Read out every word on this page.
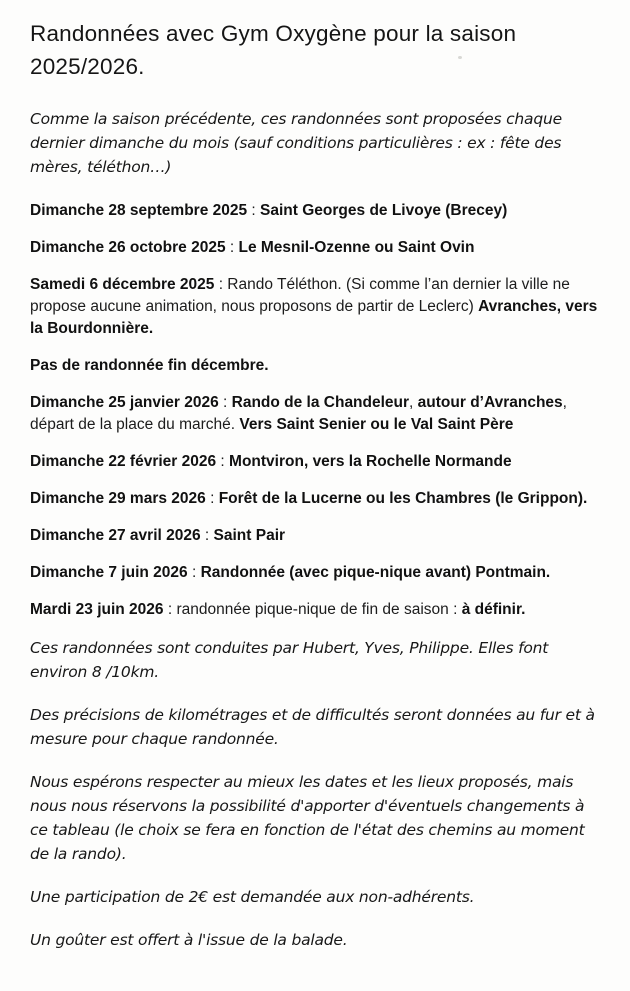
Randonnées avec Gym Oxygène pour la saison 2025/2026.

Comme la saison précédente, ces randonnées sont proposées chaque dernier dimanche du mois (sauf conditions particulières : ex : fête des mères, téléthon…)

Dimanche 28 septembre 2025 : Saint Georges de Livoye (Brecey)

Dimanche 26 octobre 2025 : Le Mesnil-Ozenne ou Saint Ovin

Samedi 6 décembre 2025 : Rando Téléthon. (Si comme l’an dernier la ville ne propose aucune animation, nous proposons de partir de Leclerc) Avranches, vers la Bourdonnière.

Pas de randonnée fin décembre.

Dimanche 25 janvier 2026 : Rando de la Chandeleur, autour d’Avranches, départ de la place du marché. Vers Saint Senier ou le Val Saint Père

Dimanche 22 février 2026 : Montviron, vers la Rochelle Normande

Dimanche 29 mars 2026 : Forêt de la Lucerne ou les Chambres (le Grippon).

Dimanche 27 avril 2026 : Saint Pair

Dimanche 7 juin 2026 : Randonnée (avec pique-nique avant) Pontmain.

Mardi 23 juin 2026 : randonnée pique-nique de fin de saison : à définir.

Ces randonnées sont conduites par Hubert, Yves, Philippe. Elles font environ 8 /10km.

Des précisions de kilométrages et de difficultés seront données au fur et à mesure pour chaque randonnée.

Nous espérons respecter au mieux les dates et les lieux proposés, mais nous nous réservons la possibilité d'apporter d'éventuels changements à ce tableau (le choix se fera en fonction de l'état des chemins au moment de la rando).

Une participation de 2€ est demandée aux non-adhérents.

Un goûter est offert à l'issue de la balade.
